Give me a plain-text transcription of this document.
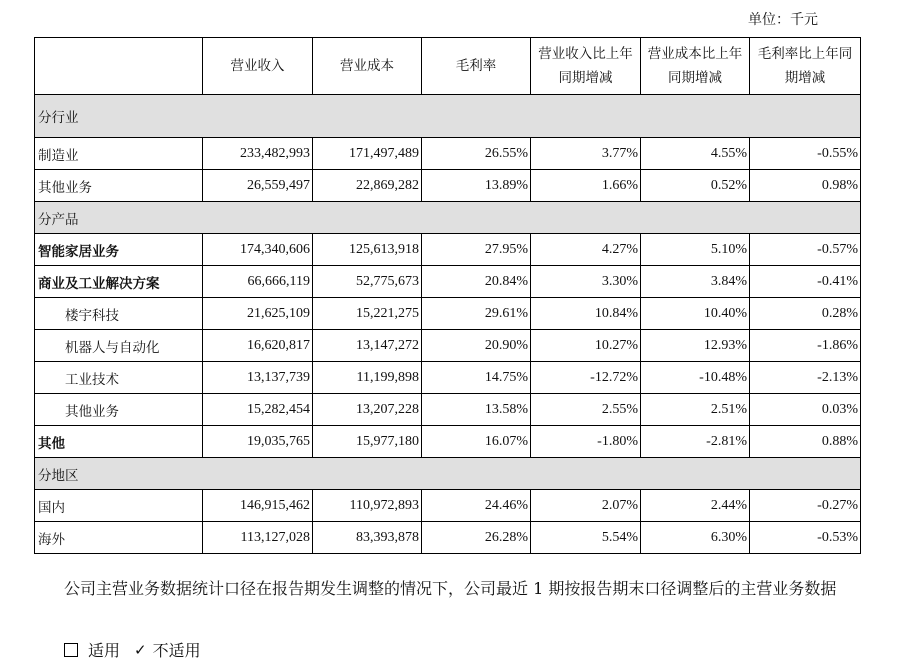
单位：千元
	营业收入	营业成本	毛利率	营业收入比上年同期增减	营业成本比上年同期增减	毛利率比上年同期增减
分行业						
制造业	233,482,993	171,497,489	26.55%	3.77%	4.55%	-0.55%
其他业务	26,559,497	22,869,282	13.89%	1.66%	0.52%	0.98%
分产品						
智能家居业务	174,340,606	125,613,918	27.95%	4.27%	5.10%	-0.57%
商业及工业解决方案	66,666,119	52,775,673	20.84%	3.30%	3.84%	-0.41%
楼宇科技	21,625,109	15,221,275	29.61%	10.84%	10.40%	0.28%
机器人与自动化	16,620,817	13,147,272	20.90%	10.27%	12.93%	-1.86%
工业技术	13,137,739	11,199,898	14.75%	-12.72%	-10.48%	-2.13%
其他业务	15,282,454	13,207,228	13.58%	2.55%	2.51%	0.03%
其他	19,035,765	15,977,180	16.07%	-1.80%	-2.81%	0.88%
分地区						
国内	146,915,462	110,972,893	24.46%	2.07%	2.44%	-0.27%
海外	113,127,028	83,393,878	26.28%	5.54%	6.30%	-0.53%
公司主营业务数据统计口径在报告期发生调整的情况下，公司最近 1 期按报告期末口径调整后的主营业务数据
适用 ✓ 不适用
